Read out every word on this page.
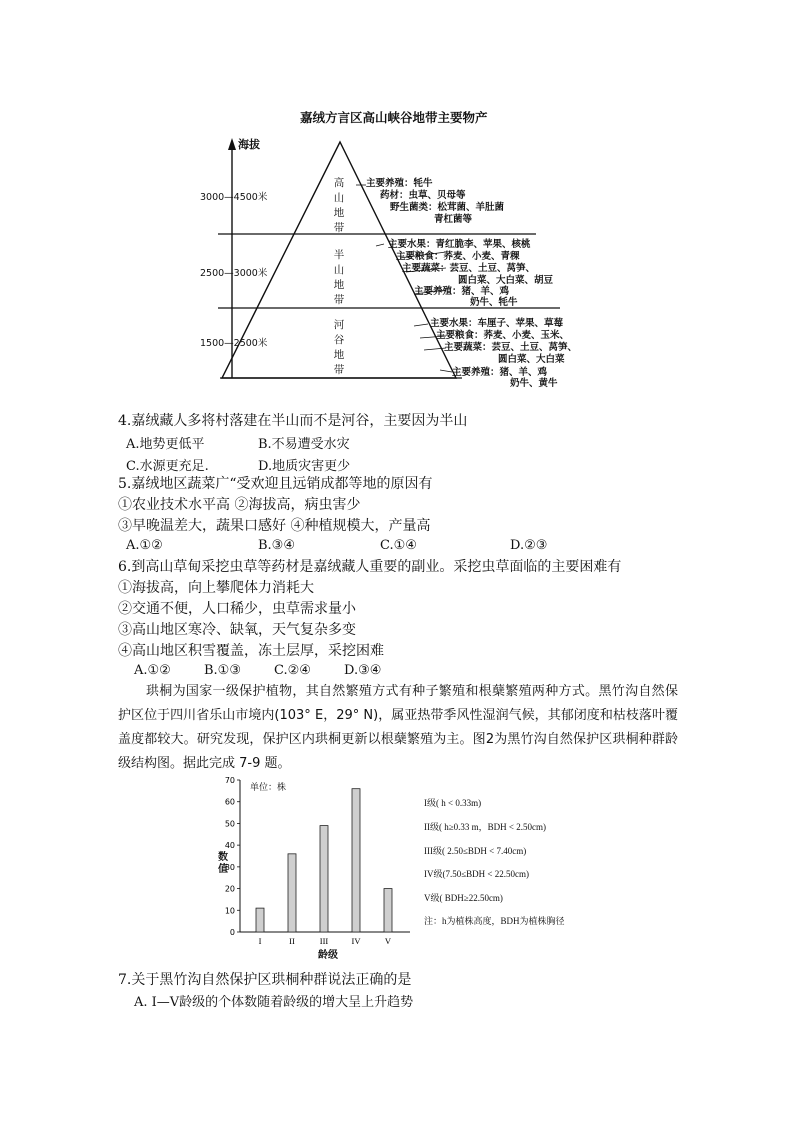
嘉绒方言区高山峡谷地带主要物产
海拔
3000—4500米
2500—3000米
1500—2500米
高山地带
半山地带
河谷地带
主要养殖：牦牛
药材：虫草、贝母等
野生菌类：松茸菌、羊肚菌
青杠菌等
主要水果：青红脆李、苹果、核桃
主要粮食：荞麦、小麦、青稞
主要蔬菜：芸豆、土豆、莴笋、
圆白菜、大白菜、胡豆
主要养殖：猪、羊、鸡
奶牛、牦牛
主要水果：车厘子、苹果、草莓
主要粮食：荞麦、小麦、玉米、
主要蔬菜：芸豆、土豆、莴笋、
圆白菜、大白菜
主要养殖：猪、羊、鸡
奶牛、黄牛
4.嘉绒藏人多将村落建在半山而不是河谷，主要因为半山
A.地势更低平	B.不易遭受水灾
C.水源更充足.	D.地质灾害更少
5.嘉绒地区蔬菜广“受欢迎且远销成都等地的原因有
①农业技术水平高 ②海拔高，病虫害少
③早晚温差大，蔬果口感好 ④种植规模大，产量高
A.①②	B.③④	C.①④	D.②③
6.到高山草甸采挖虫草等药材是嘉绒藏人重要的副业。采挖虫草面临的主要困难有
①海拔高，向上攀爬体力消耗大
②交通不便，人口稀少，虫草需求量小
③高山地区寒冷、缺氧，天气复杂多变
④高山地区积雪覆盖，冻土层厚，采挖困难
A.①②	B.①③	C.②④	D.③④
珙桐为国家一级保护植物，其自然繁殖方式有种子繁殖和根蘖繁殖两种方式。黑竹沟自然保护区位于四川省乐山市境内(103° E，29° N)，属亚热带季风性湿润气候，其郁闭度和枯枝落叶覆盖度都较大。研究发现，保护区内珙桐更新以根蘖繁殖为主。图2为黑竹沟自然保护区珙桐种群龄级结构图。据此完成 7-9 题。
0
10
20
30
40
50
60
70
I	II	III	IV	V
单位：株
数值
龄级
I级( h < 0.33m)
II级( h≥0.33 m，BDH < 2.50cm)
III级( 2.50≤BDH < 7.40cm)
IV级(7.50≤BDH < 22.50cm)
V级( BDH≥22.50cm)
注：h为植株高度，BDH为植株胸径
7.关于黑竹沟自然保护区珙桐种群说法正确的是
A. Ⅰ—Ⅴ龄级的个体数随着龄级的增大呈上升趋势
